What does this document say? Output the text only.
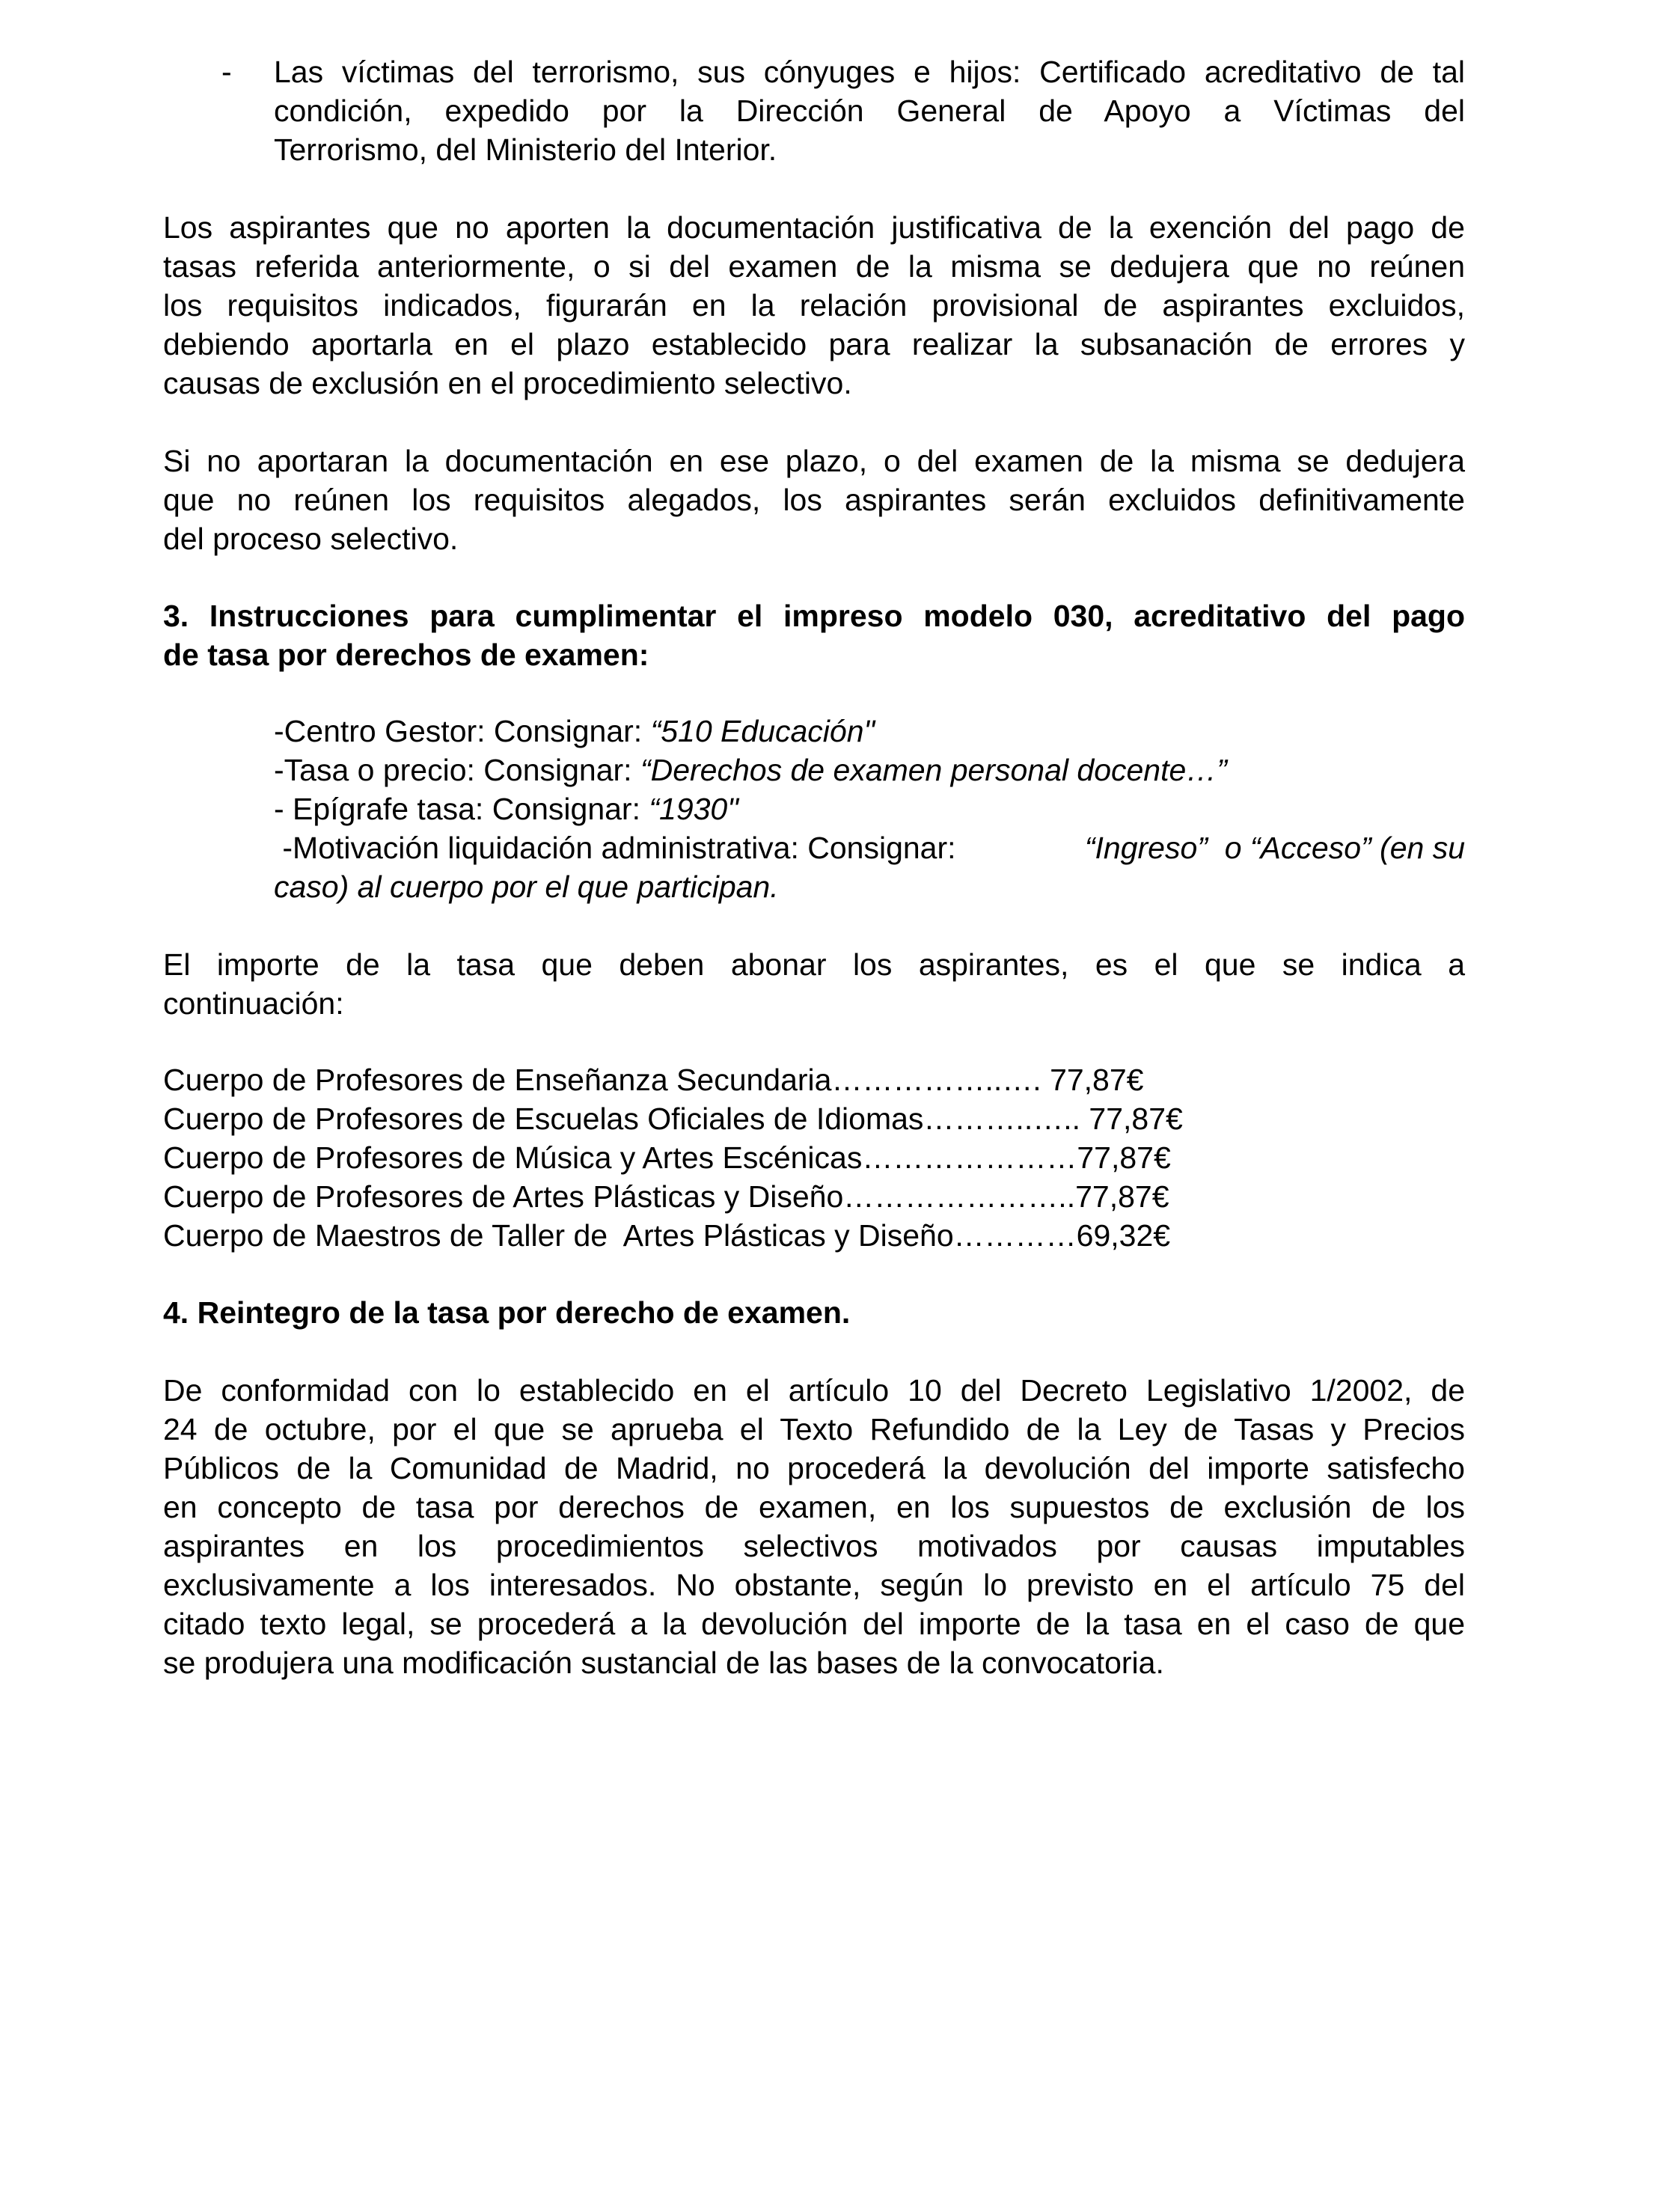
- Las víctimas del terrorismo, sus cónyuges e hijos: Certificado acreditativo de tal
condición, expedido por la Dirección General de Apoyo a Víctimas del
Terrorismo, del Ministerio del Interior.
Los aspirantes que no aporten la documentación justificativa de la exención del pago de
tasas referida anteriormente, o si del examen de la misma se dedujera que no reúnen
los requisitos indicados, figurarán en la relación provisional de aspirantes excluidos,
debiendo aportarla en el plazo establecido para realizar la subsanación de errores y
causas de exclusión en el procedimiento selectivo.
Si no aportaran la documentación en ese plazo, o del examen de la misma se dedujera
que no reúnen los requisitos alegados, los aspirantes serán excluidos definitivamente
del proceso selectivo.
3. Instrucciones para cumplimentar el impreso modelo 030, acreditativo del pago
de tasa por derechos de examen:
-Centro Gestor: Consignar: “510 Educación"
-Tasa o precio: Consignar: “Derechos de examen personal docente…”
- Epígrafe tasa: Consignar: “1930"
-Motivación liquidación administrativa: Consignar:	“Ingreso”  o “Acceso” (en su
caso) al cuerpo por el que participan.
El importe de la tasa que deben abonar los aspirantes, es el que se indica a
continuación:
Cuerpo de Profesores de Enseñanza Secundaria……………..…. 77,87€
Cuerpo de Profesores de Escuelas Oficiales de Idiomas………..….. 77,87€
Cuerpo de Profesores de Música y Artes Escénicas…………………77,87€
Cuerpo de Profesores de Artes Plásticas y Diseño…………………..77,87€
Cuerpo de Maestros de Taller de  Artes Plásticas y Diseño…………69,32€
4. Reintegro de la tasa por derecho de examen.
De conformidad con lo establecido en el artículo 10 del Decreto Legislativo 1/2002, de
24 de octubre, por el que se aprueba el Texto Refundido de la Ley de Tasas y Precios
Públicos de la Comunidad de Madrid, no procederá la devolución del importe satisfecho
en concepto de tasa por derechos de examen, en los supuestos de exclusión de los
aspirantes en los procedimientos selectivos motivados por causas imputables
exclusivamente a los interesados. No obstante, según lo previsto en el artículo 75 del
citado texto legal, se procederá a la devolución del importe de la tasa en el caso de que
se produjera una modificación sustancial de las bases de la convocatoria.
